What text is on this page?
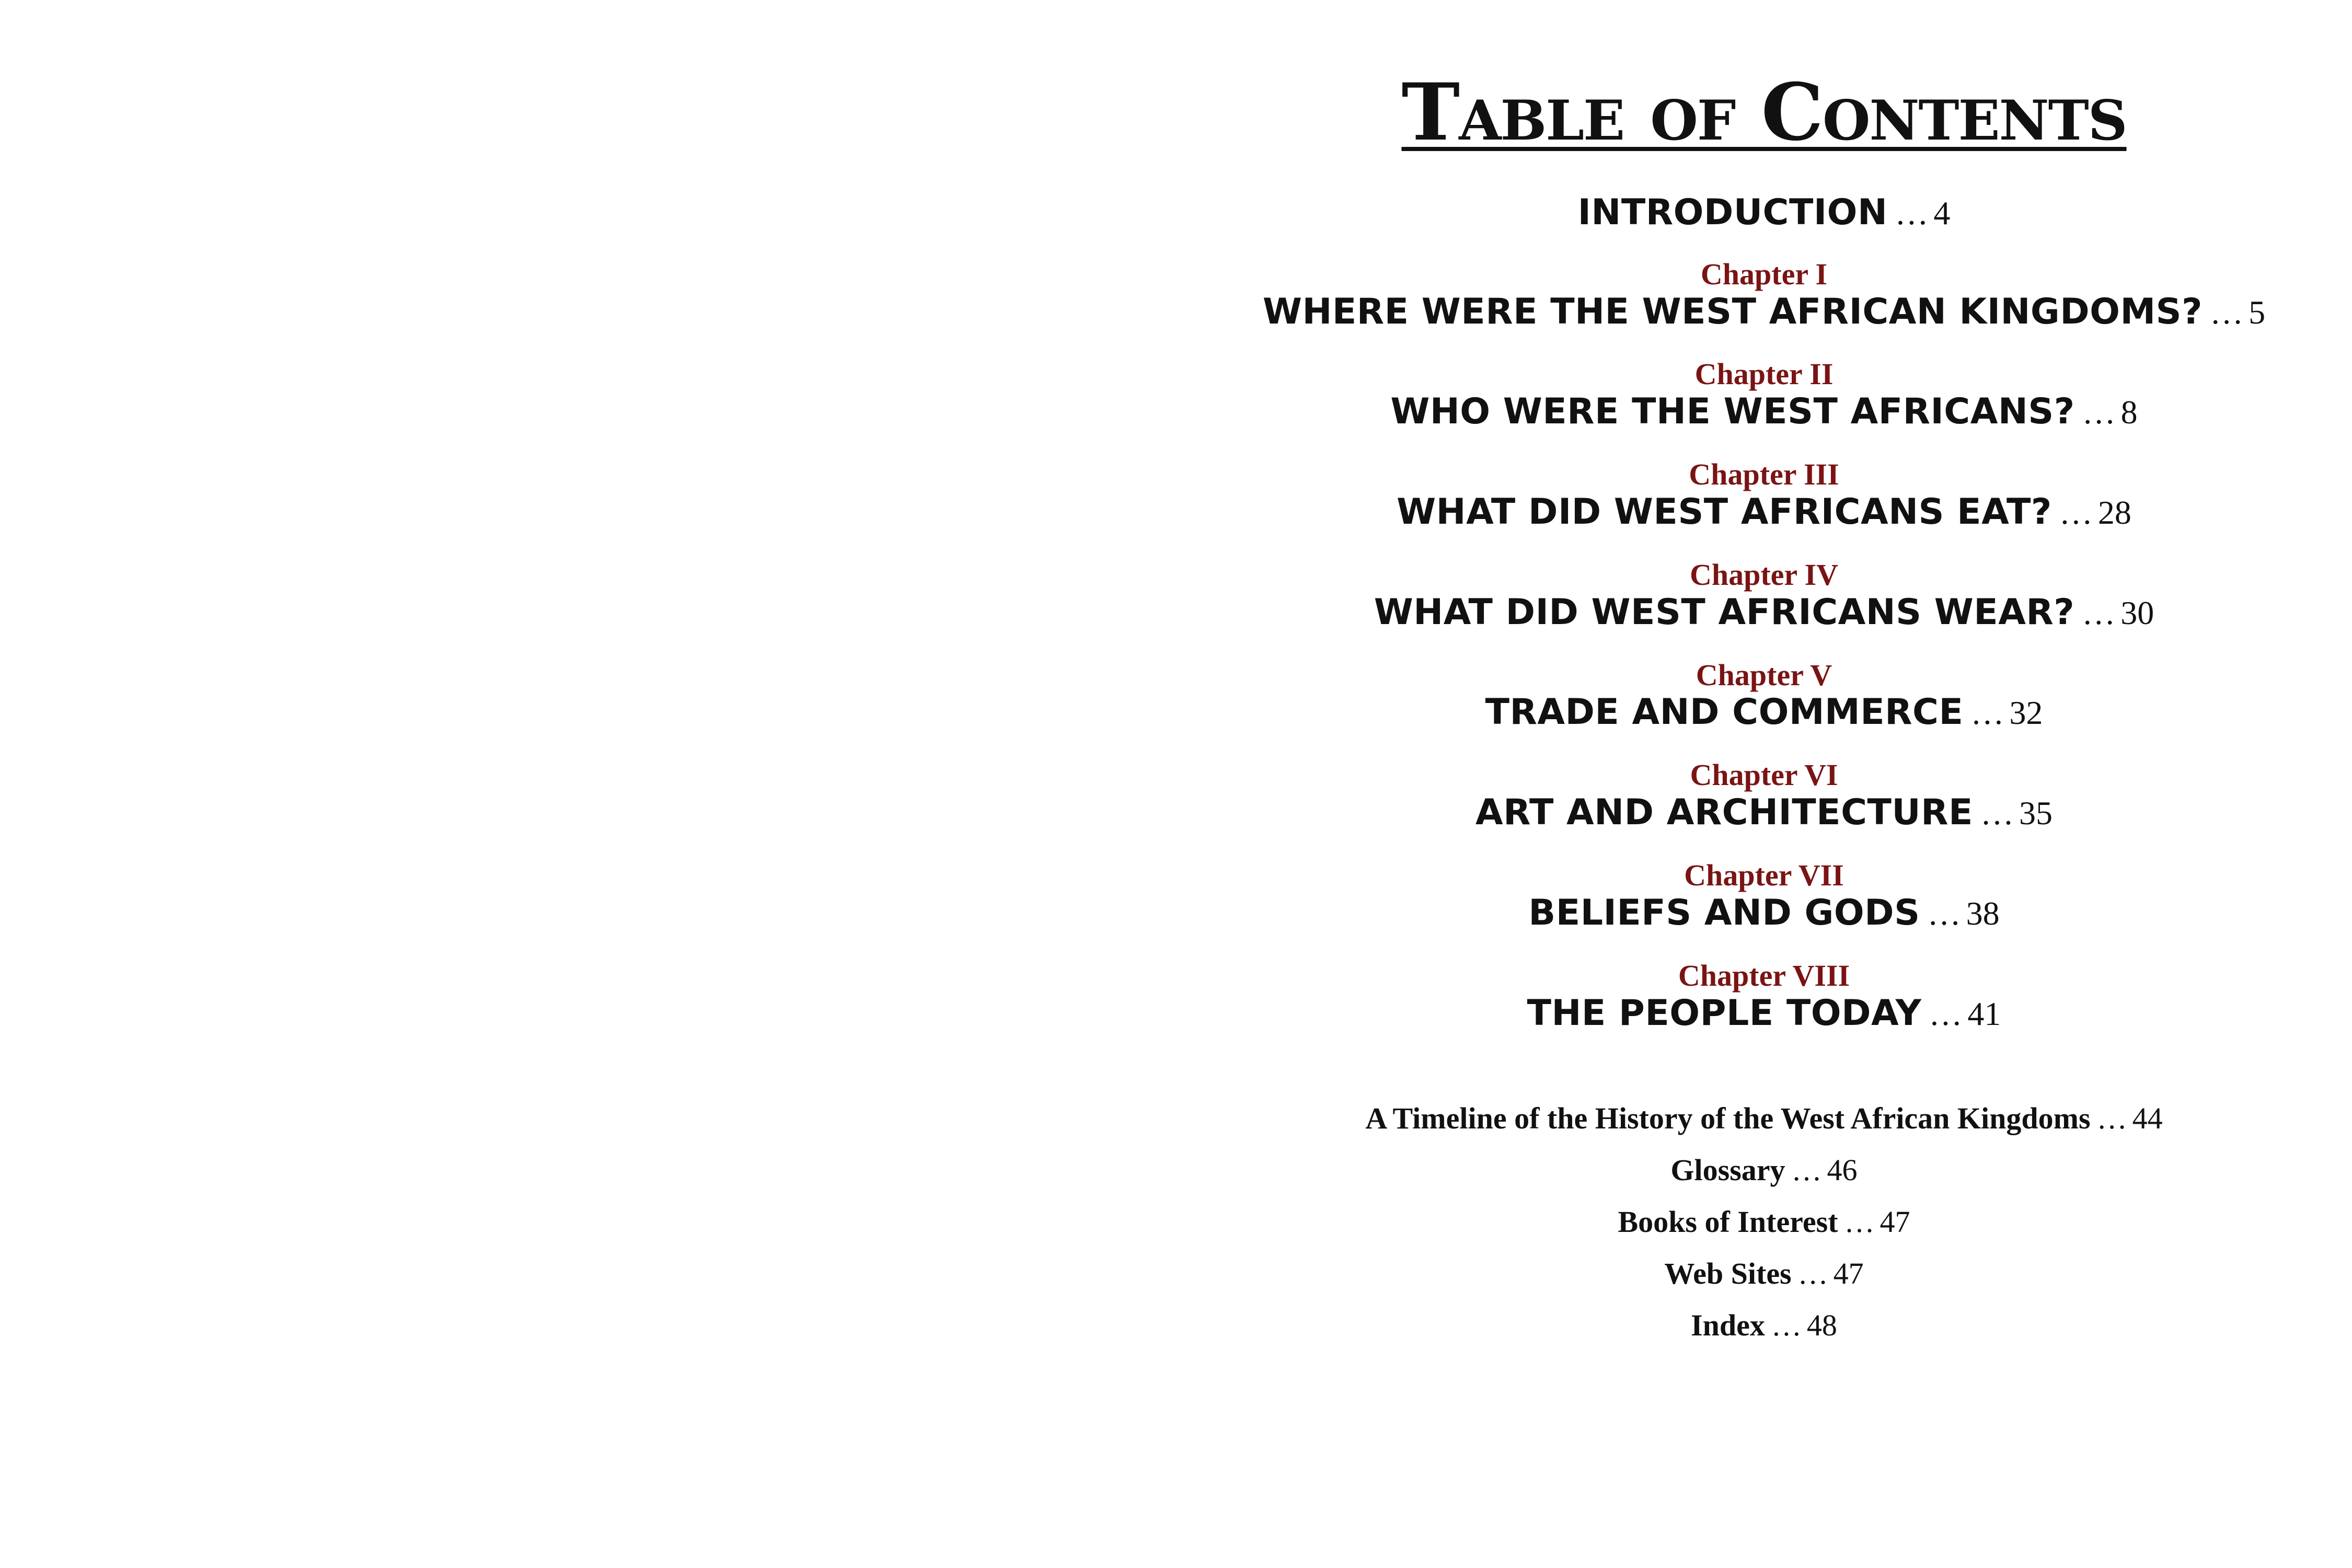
Table of Contents
INTRODUCTION … 4
Chapter I
WHERE WERE THE WEST AFRICAN KINGDOMS? … 5
Chapter II
WHO WERE THE WEST AFRICANS? … 8
Chapter III
WHAT DID WEST AFRICANS EAT? … 28
Chapter IV
WHAT DID WEST AFRICANS WEAR? … 30
Chapter V
TRADE AND COMMERCE … 32
Chapter VI
ART AND ARCHITECTURE … 35
Chapter VII
BELIEFS AND GODS … 38
Chapter VIII
THE PEOPLE TODAY … 41
A Timeline of the History of the West African Kingdoms … 44
Glossary … 46
Books of Interest … 47
Web Sites … 47
Index … 48
